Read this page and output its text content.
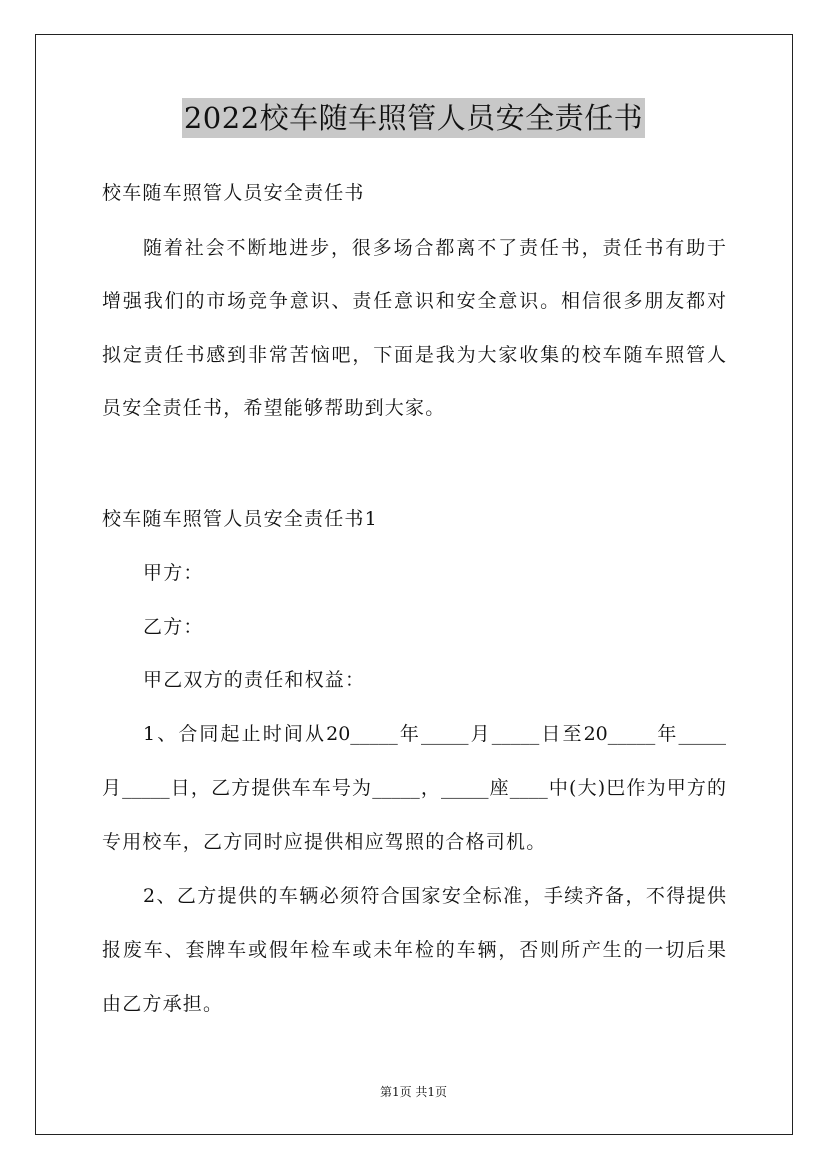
2022校车随车照管人员安全责任书
校车随车照管人员安全责任书
随着社会不断地进步，很多场合都离不了责任书，责任书有助于
增强我们的市场竞争意识、责任意识和安全意识。相信很多朋友都对
拟定责任书感到非常苦恼吧，下面是我为大家收集的校车随车照管人
员安全责任书，希望能够帮助到大家。
校车随车照管人员安全责任书1
甲方：
乙方：
甲乙双方的责任和权益：
1、合同起止时间从20_____年_____月_____日至20_____年_____
月_____日，乙方提供车车号为_____，_____座____中(大)巴作为甲方的
专用校车，乙方同时应提供相应驾照的合格司机。
2、乙方提供的车辆必须符合国家安全标准，手续齐备，不得提供
报废车、套牌车或假年检车或未年检的车辆，否则所产生的一切后果
由乙方承担。
第1页 共1页
